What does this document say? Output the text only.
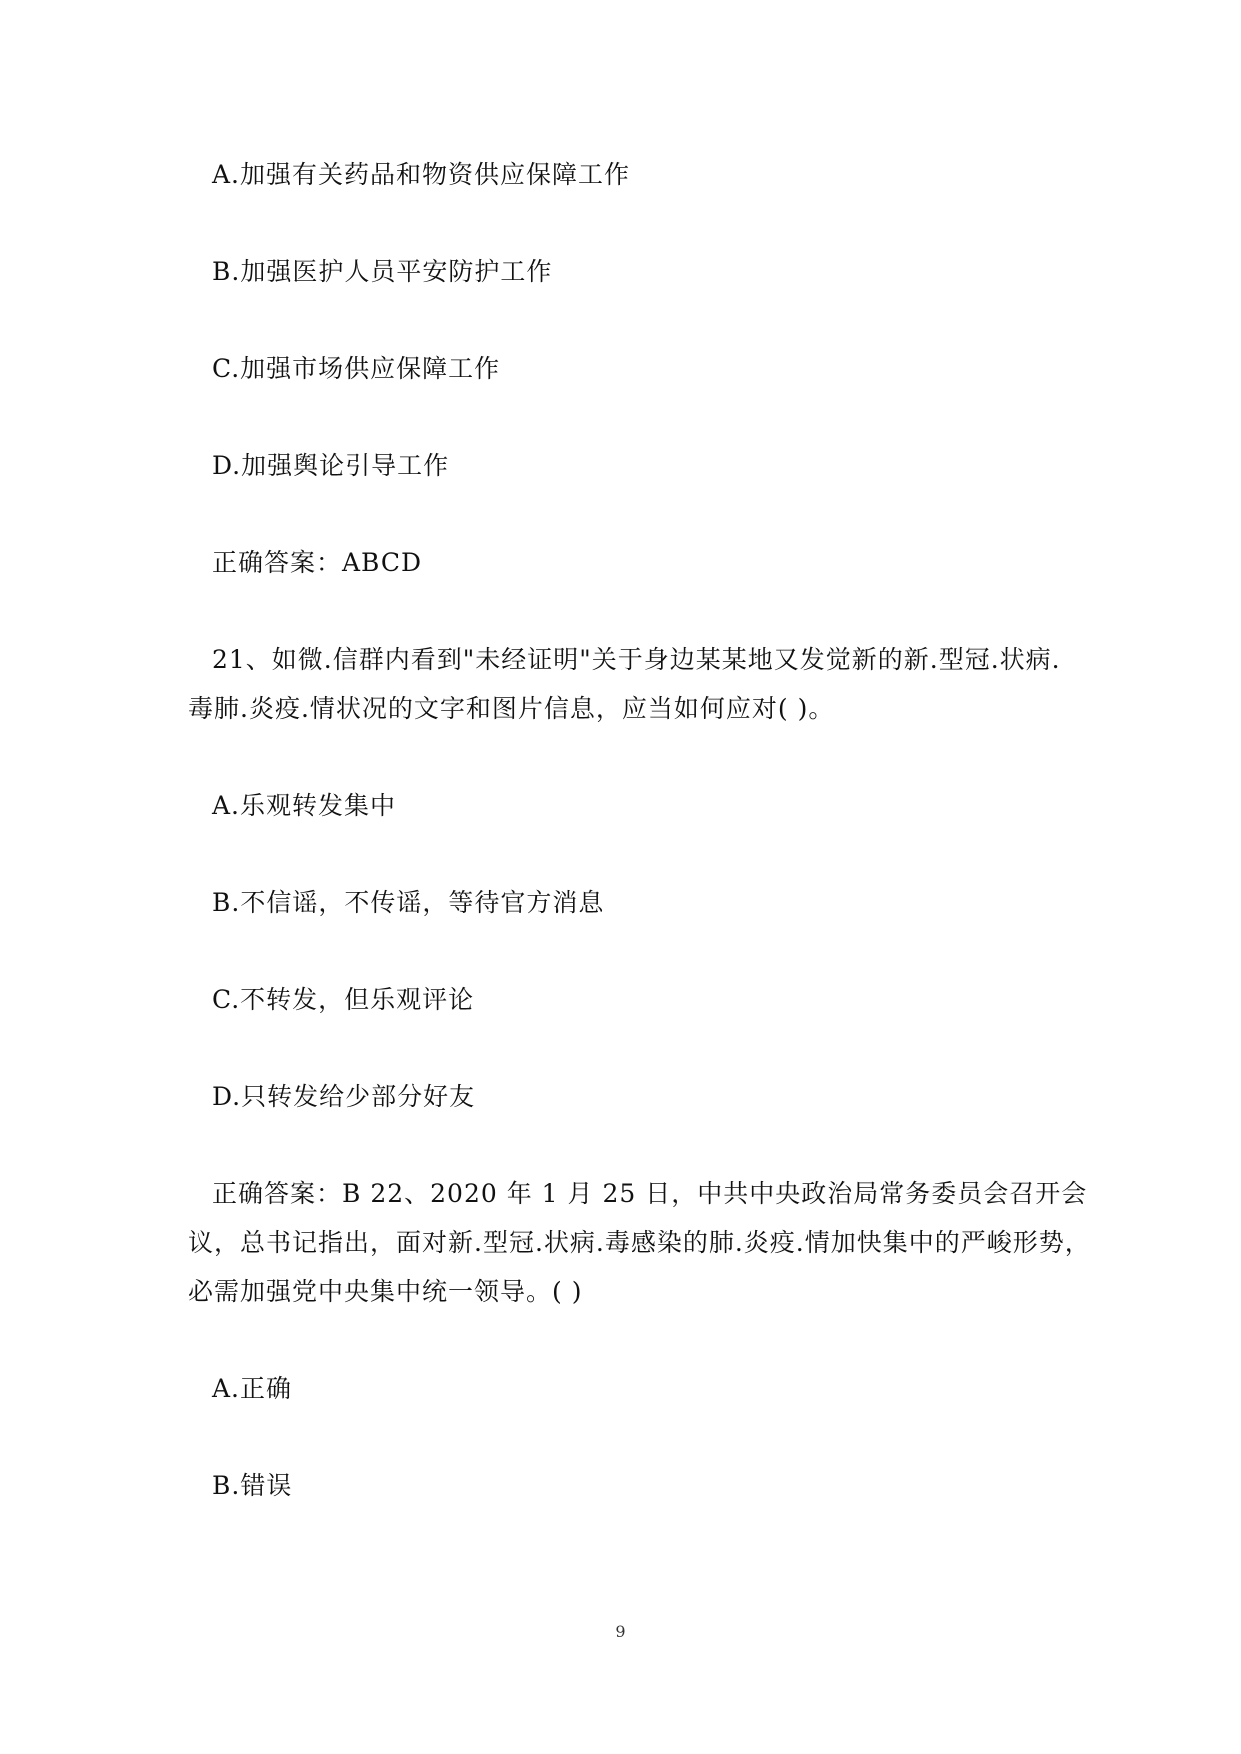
A.加强有关药品和物资供应保障工作
B.加强医护人员平安防护工作
C.加强市场供应保障工作
D.加强舆论引导工作
正确答案：ABCD
21、如微.信群内看到"未经证明"关于身边某某地又发觉新的新.型冠.状病.
毒肺.炎疫.情状况的文字和图片信息，应当如何应对( )。
A.乐观转发集中
B.不信谣，不传谣，等待官方消息
C.不转发，但乐观评论
D.只转发给少部分好友
正确答案：B 22、2020 年 1 月 25 日，中共中央政治局常务委员会召开会
议，总书记指出，面对新.型冠.状病.毒感染的肺.炎疫.情加快集中的严峻形势，
必需加强党中央集中统一领导。( )
A.正确
B.错误
9
